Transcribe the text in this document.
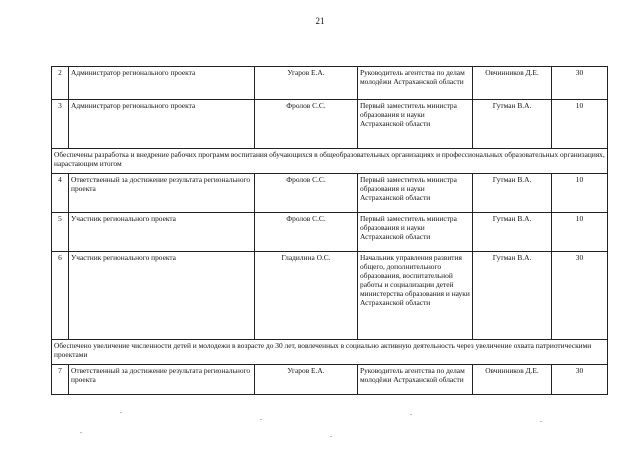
21
2	Администратор регионального проекта	Угаров Е.А.	Руководитель агентства по делам молодёжи Астраханской области	Овчинников Д.Е.	30
3	Администратор регионального проекта	Фролов С.С.	Первый заместитель министра образования и науки Астраханской области	Гутман В.А.	10
Обеспечены разработка и внедрение рабочих программ воспитания обучающихся в общеобразовательных организациях и профессиональных образовательных организациях, нарастающим итогом					
4	Ответственный за достижение результата регионального проекта	Фролов С.С.	Первый заместитель министра образования и науки Астраханской области	Гутман В.А.	10
5	Участник регионального проекта	Фролов С.С.	Первый заместитель министра образования и науки Астраханской области	Гутман В.А.	10
6	Участник регионального проекта	Гладилина О.С.	Начальник управления развития общего, дополнительного образования, воспитательной работы и социализации детей министерства образования и науки Астраханской области	Гутман В.А.	30
Обеспечено увеличение численности детей и молодежи в возрасте до 30 лет, вовлеченных в социально активную деятельность через увеличение охвата патриотическими проектами					
7	Ответственный за достижение результата регионального проекта	Угаров Е.А.	Руководитель агентства по делам молодёжи Астраханской области	Овчинников Д.Е.	30
